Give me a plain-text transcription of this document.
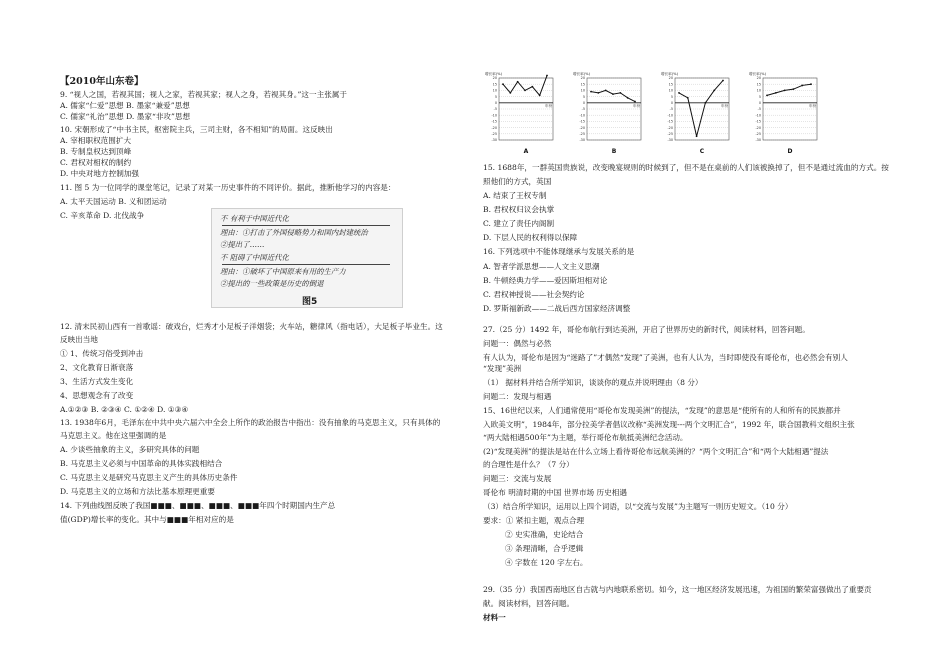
【2010年山东卷】
9. “视人之国，若视其国；视人之家，若视其家；视人之身，若视其身。”这一主张属于
A. 儒家“仁爱”思想 B. 墨家“兼爱”思想
C. 儒家“礼治”思想 D. 墨家“非攻”思想
10. 宋朝形成了“中书主民，枢密院主兵，三司主财，各不相知”的局面。这反映出
A. 宰相职权范围扩大
B. 专制皇权达到顶峰
C. 君权对相权的制约
D. 中央对地方控制加强
11. 图 5 为一位同学的课堂笔记，记录了对某一历史事件的不同评价。据此，推断他学习的内容是：
A. 太平天国运动 B. 义和团运动
C. 辛亥革命 D. 北伐战争	不 有利于中国近代化
理由：①打击了外国侵略势力和国内封建统治
②提出了……
不 阻碍了中国近代化
理由：①破坏了中国原来有用的生产力
②提出的一些政策是历史的倒退
图5
12. 清末民初山西有一首歌谣：破戏台，烂秀才小足板子洋烟袋；火车站，糖律风（指电话），大足板子毕业生。这
反映出当地
① 1、传统习俗受到冲击
2、文化教育日渐衰落
3、生活方式发生变化
4、思想观念有了改变
A.①②③ B. ②③④ C. ①②④ D. ①③④
13. 1938年6月，毛泽东在中共中央六届六中全会上所作的政治报告中指出：没有抽象的马克思主义，只有具体的
马克思主义。他在这里强调的是
A. 少谈些抽象的主义，多研究具体的问题
B. 马克思主义必须与中国革命的具体实践相结合
C. 马克思主义是研究马克思主义产生的具体历史条件
D. 马克思主义的立场和方法比基本原理更重要
14. 下列曲线图反映了我国■■■、■■■、■■■、■■■年四个时期国内生产总
值(GDP)增长率的变化。其中与■■■年相对应的是
增长率(%)
20
15
10
5
0
-5
-10
-15
-20
-25
-30
年份
A
增长率(%)
20
15
10
5
0
-5
-10
-15
-20
-25
-30
年份
B
增长率(%)
20
15
10
5
0
-5
-10
-15
-20
-25
-30
年份
C
增长率(%)
20
15
10
5
0
-5
-10
-15
-20
-25
-30
年份
D
15. 1688年，一群英国贵族说，改变晚宴规则的时候到了，但不是在桌前的人们该被换掉了，但不是通过流血的方式。按
照他们的方式，英国
A. 结束了王权专制
B. 君权权归议会执掌
C. 建立了责任内阁制
D. 下层人民的权利得以保障
16. 下列选项中不能体现继承与发展关系的是
A. 智者学派思想——人文主义思潮
B. 牛顿经典力学——爱因斯坦相对论
C. 君权神授说——社会契约论
D. 罗斯福新政——二战后西方国家经济调整
27.（25 分）1492 年，哥伦布航行到达美洲，开启了世界历史的新时代，阅读材料，回答问题。
问题一：偶然与必然
有人认为，哥伦布是因为“迷路了”才偶然“发现”了美洲，也有人认为，当时即使没有哥伦布，也必然会有别人
“发现”美洲
（1） 据材料并结合所学知识，谈谈你的观点并说明理由（8 分）
问题二：发现与相遇
15、16世纪以来，人们通常使用“哥伦布发现美洲”的提法，“发现”的意思是“使所有的人和所有的民族都并
入欧美文明”，1984年，部分拉美学者倡议改称“美洲发现---两个文明汇合”，1992 年，联合国教科文组织主张
“两大陆相遇500年”为主题，举行哥伦布航抵美洲纪念活动。
(2)“发现美洲”的提法是站在什么立场上看待哥伦布远航美洲的？“两个文明汇合”和“两个大陆相遇”提法
的合理性是什么？（7 分）
问题三：交流与发展
哥伦布 明清时期的中国 世界市场 历史相遇
（3）结合所学知识，运用以上四个词语，以“交流与发展”为主题写一则历史短文。（10 分）
要求：① 紧扣主题，观点合理
② 史实准确，史论结合
③ 条理清晰，合乎逻辑
④ 字数在 120 字左右。
29.（35 分）我国西南地区自古就与内地联系密切。如今，这一地区经济发展迅速，为祖国的繁荣富强做出了重要贡
献。阅读材料，回答问题。
材料一
